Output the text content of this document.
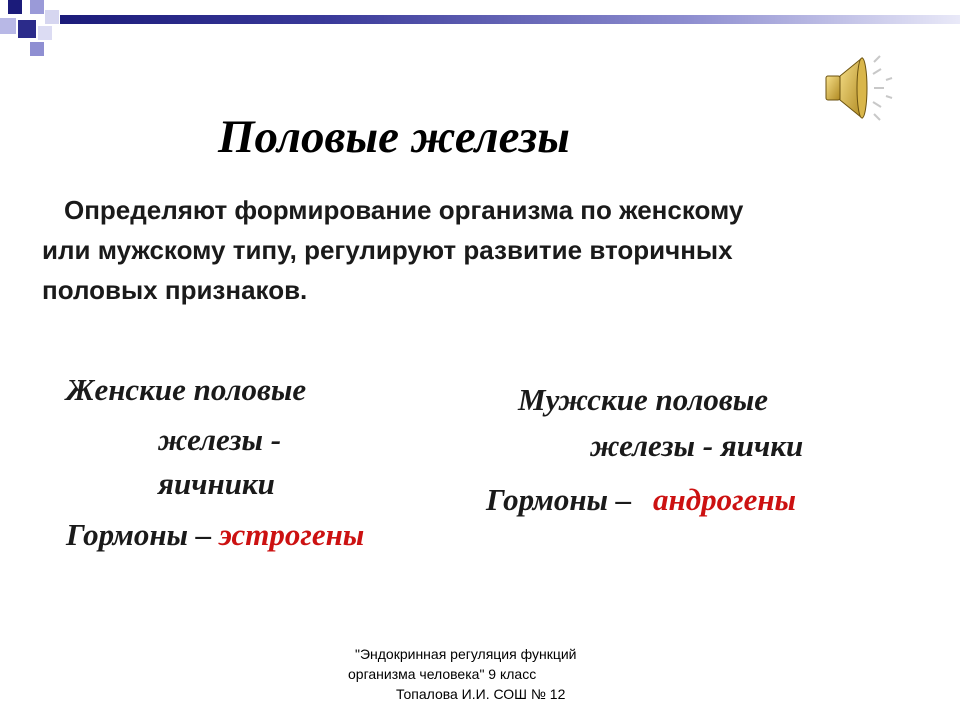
Половые железы
Определяют формирование организма по женскому
или мужскому типу, регулируют развитие вторичных
половых признаков.
Женские половые
железы -
яичники
Гормоны – эстрогены
Мужские половые
железы - яички
Гормоны – андрогены
"Эндокринная регуляция функций
организма человека" 9 класс
Топалова И.И. СОШ № 12
